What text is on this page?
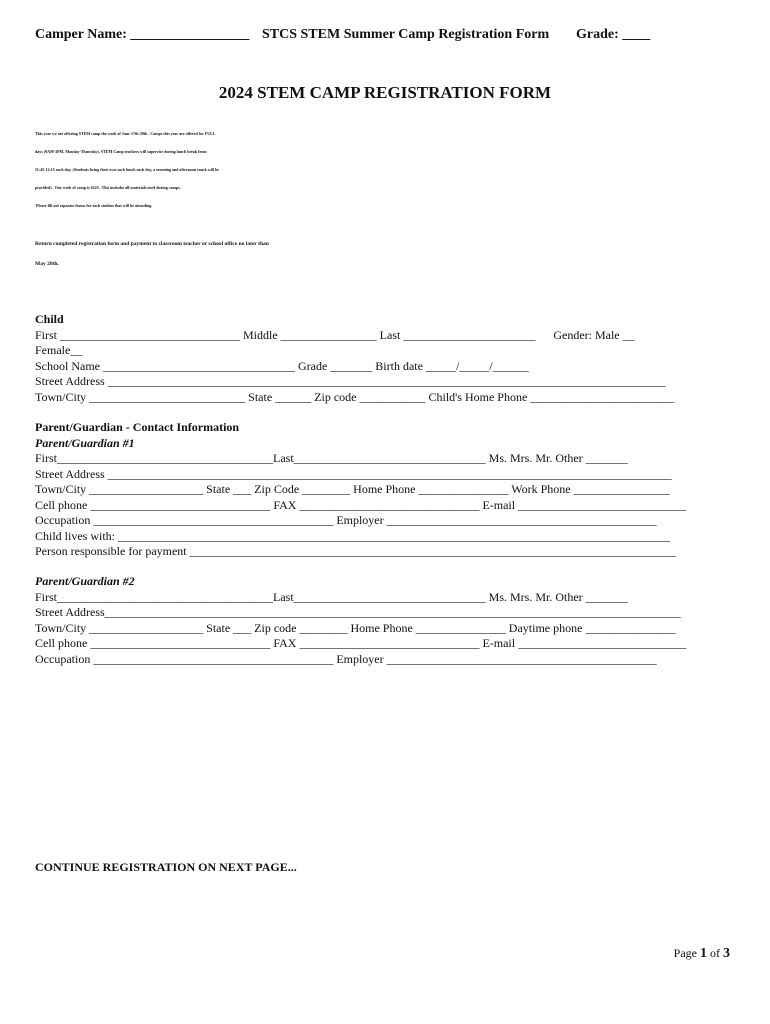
Camper Name: _________________ STCS STEM Summer Camp Registration Form Grade: ____
2024 STEM CAMP REGISTRATION FORM
This year we are offering STEM camp the week of June 17th-20th . Camps this year are offered for FULL
days (9AM-3PM, Monday-Thursday). STEM Camp teachers will supervise during lunch break from
11:45-12:15 each day. (Students bring their own sack lunch each day, a morning and afternoon snack will be
provided).  One week of camp is $225.  This includes all materials used during camps.
Please fill out separate forms for each student that will be attending.
Return completed registration form and payment to classroom teacher or school office no later than
May 20th.
Child
First ______________________________ Middle ________________ Last ______________________      Gender: Male __
Female__
School Name ________________________________ Grade _______ Birth date _____/_____/______
Street Address _____________________________________________________________________________________________
Town/City __________________________ State ______ Zip code ___________ Child's Home Phone ________________________
Parent/Guardian - Contact Information
Parent/Guardian #1
First____________________________________Last________________________________ Ms. Mrs. Mr. Other _______
Street Address ______________________________________________________________________________________________
Town/City ___________________ State ___ Zip Code ________ Home Phone _______________ Work Phone ________________
Cell phone ______________________________ FAX ______________________________ E-mail ____________________________
Occupation ________________________________________ Employer _____________________________________________
Child lives with: ____________________________________________________________________________________________
Person responsible for payment _________________________________________________________________________________
Parent/Guardian #2
First____________________________________Last________________________________ Ms. Mrs. Mr. Other _______
Street Address________________________________________________________________________________________________
Town/City ___________________ State ___ Zip code ________ Home Phone _______________ Daytime phone _______________
Cell phone ______________________________ FAX ______________________________ E-mail ____________________________
Occupation ________________________________________ Employer _____________________________________________
CONTINUE REGISTRATION ON NEXT PAGE...
Page 1 of 3
